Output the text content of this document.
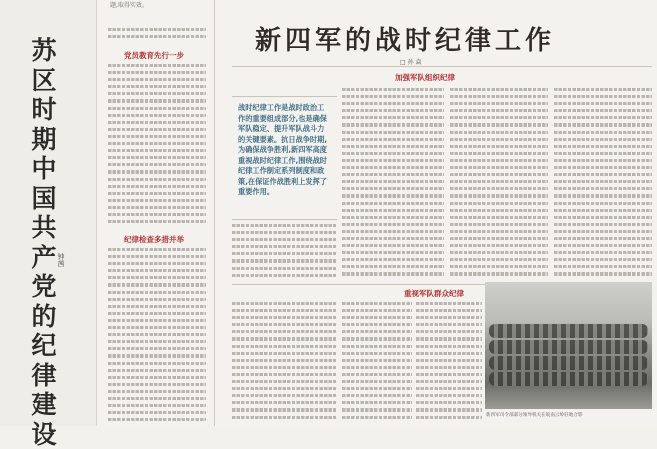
苏
区
时
期
中
国
共
产
党
的
纪
律
建
设
钟茜
题,取得实效。
党员教育先行一步
纪律检查多措并举
新四军的战时纪律工作
□ 孙 焱
战时纪律工作是战时政治工作的重要组成部分,也是确保军队稳定、提升军队战斗力的关键要素。抗日战争时期,为确保战争胜利,新四军高度重视战时纪律工作,围绕战时纪律工作制定系列制度和政策,在保证作战胜利上发挥了重要作用。
加强军队组织纪律
重视军队群众纪律
新四军司令部部分领导机关在皖南云岭驻地合影
